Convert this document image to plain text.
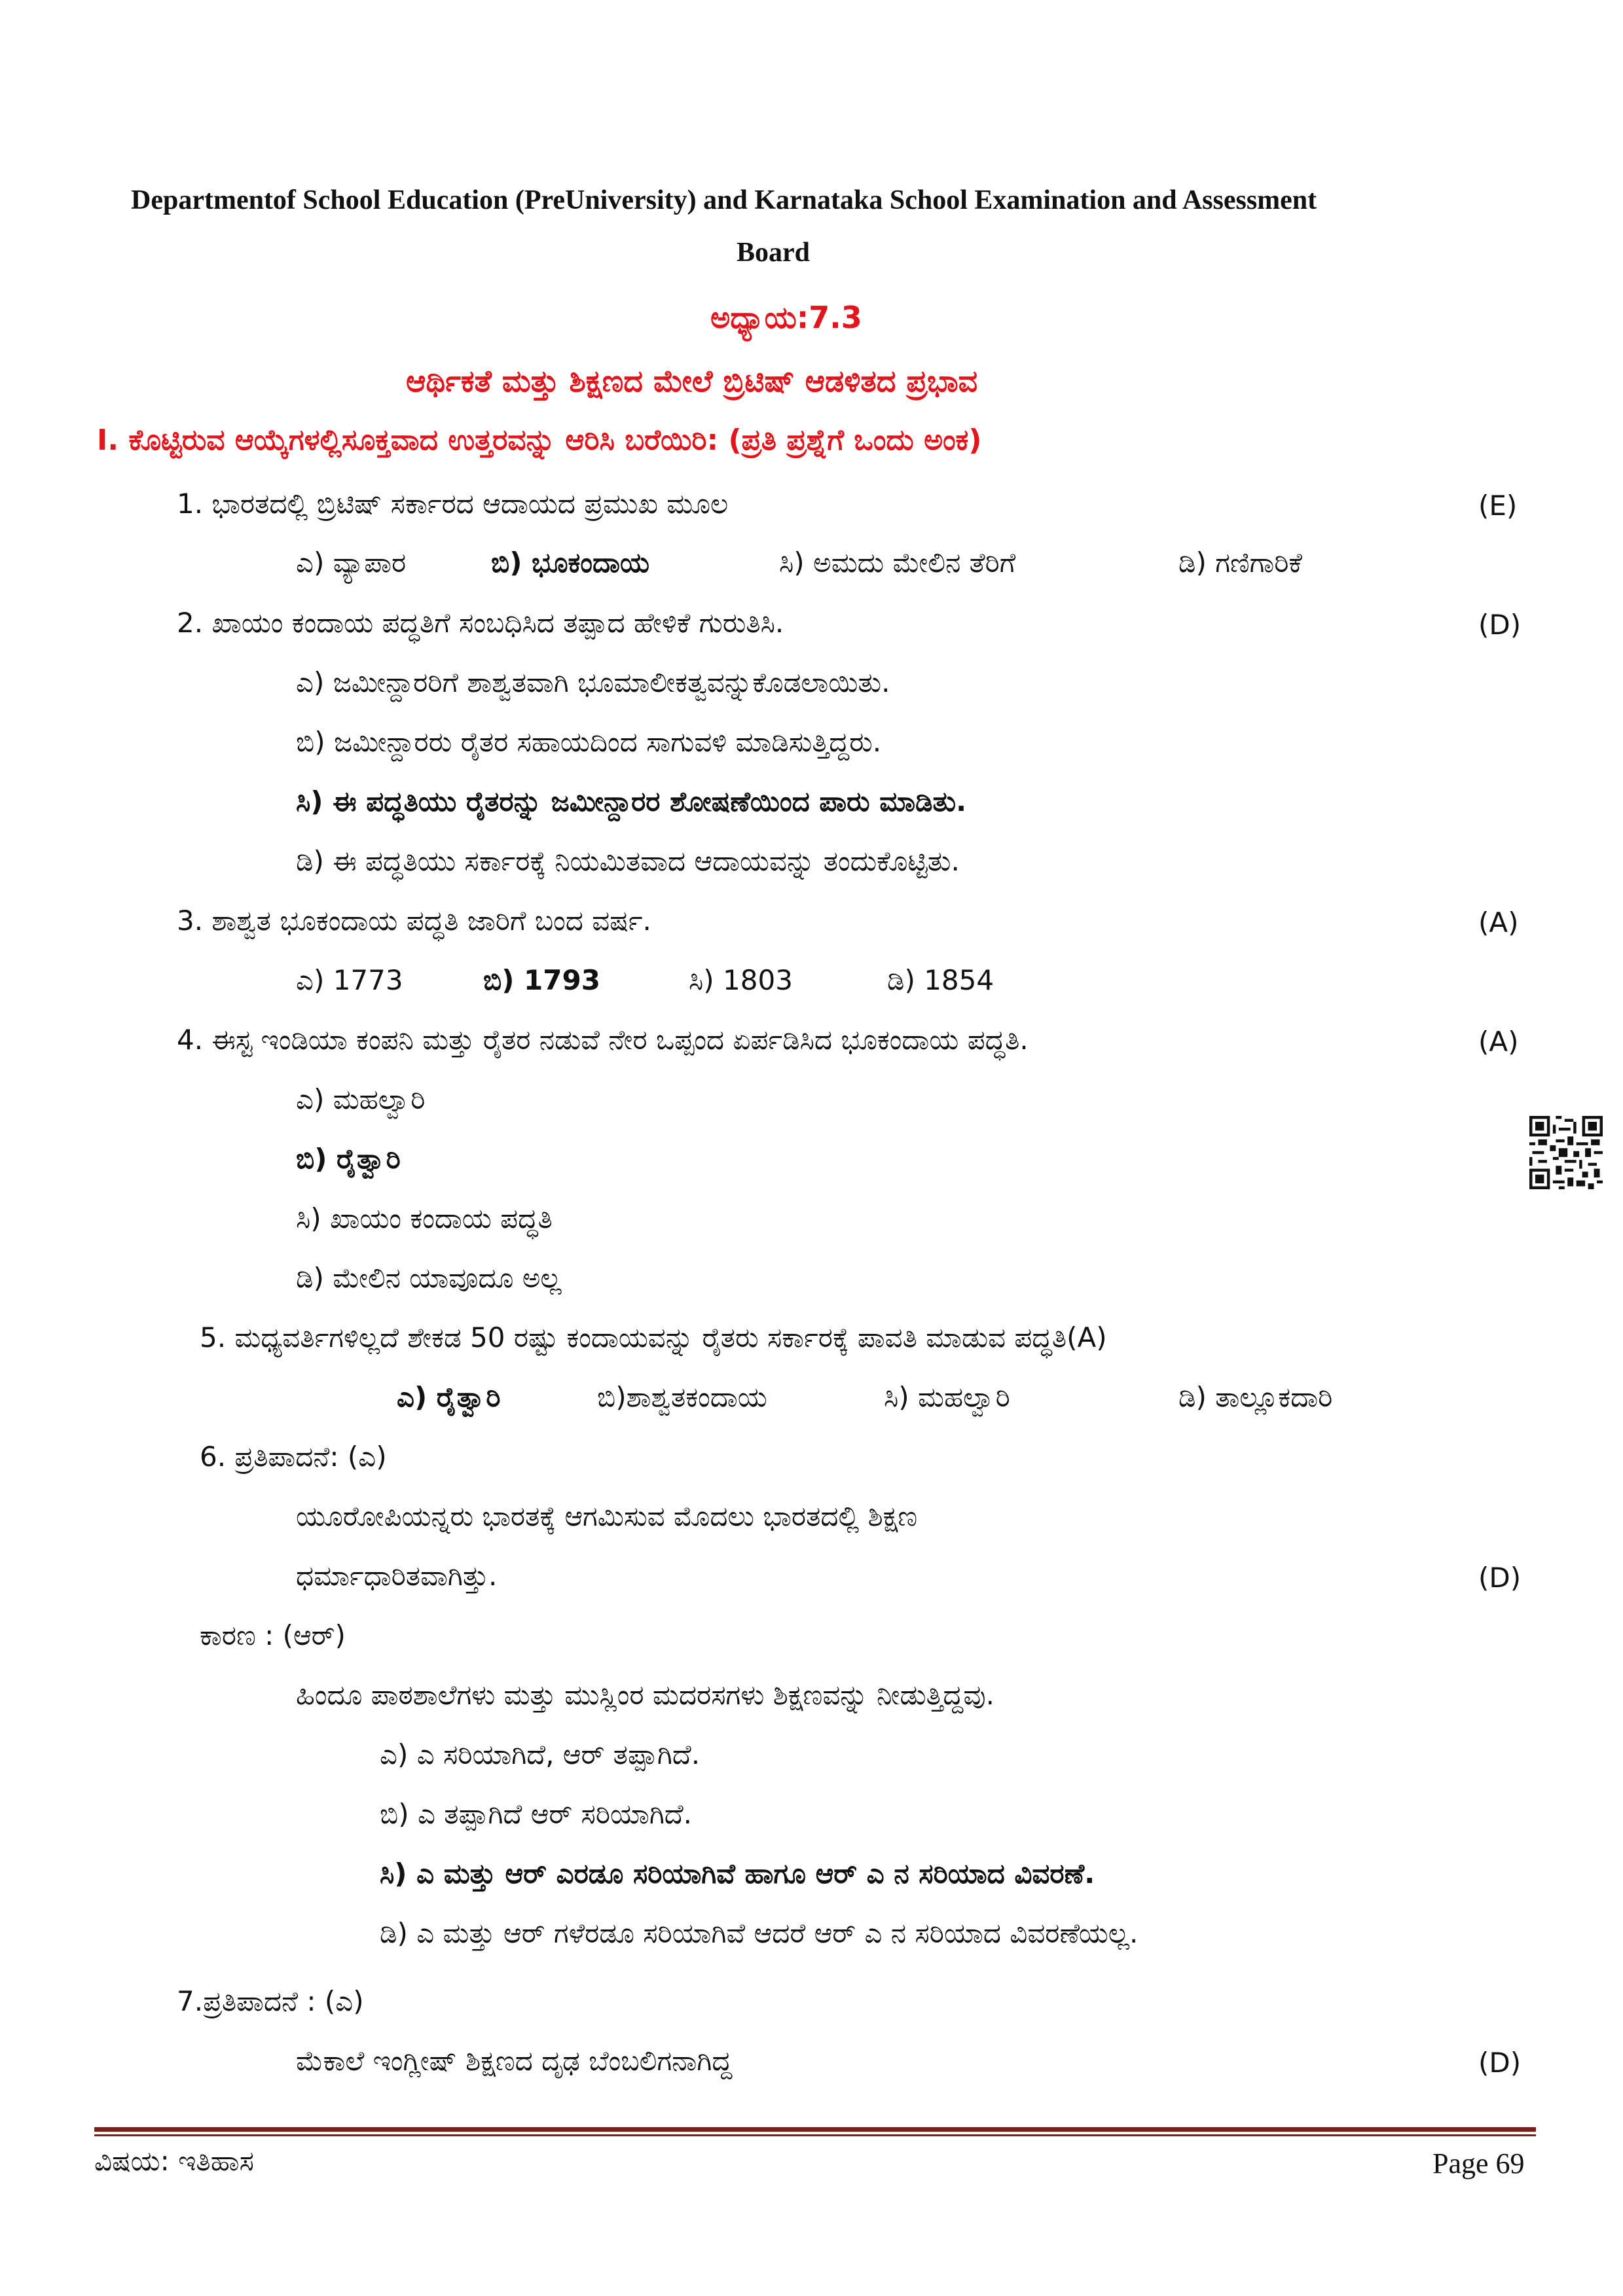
Departmentof School Education (PreUniversity) and Karnataka School Examination and Assessment
Board
ಅಧ್ಯಾಯ:7.3
ಆರ್ಥಿಕತೆ ಮತ್ತು ಶಿಕ್ಷಣದ ಮೇಲೆ ಬ್ರಿಟಿಷ್ ಆಡಳಿತದ ಪ್ರಭಾವ
I. ಕೊಟ್ಟಿರುವ ಆಯ್ಕೆಗಳಲ್ಲಿಸೂಕ್ತವಾದ ಉತ್ತರವನ್ನು ಆರಿಸಿ ಬರೆಯಿರಿ: (ಪ್ರತಿ ಪ್ರಶ್ನೆಗೆ ಒಂದು ಅಂಕ)
1. ಭಾರತದಲ್ಲಿ ಬ್ರಿಟಿಷ್ ಸರ್ಕಾರದ ಆದಾಯದ ಪ್ರಮುಖ ಮೂಲ	(E)
ಎ) ವ್ಯಾಪಾರ	ಬಿ) ಭೂಕಂದಾಯ	ಸಿ) ಅಮದು ಮೇಲಿನ ತೆರಿಗೆ	ಡಿ) ಗಣಿಗಾರಿಕೆ
2. ಖಾಯಂ ಕಂದಾಯ ಪದ್ಧತಿಗೆ ಸಂಬಧಿಸಿದ ತಪ್ಪಾದ ಹೇಳಿಕೆ ಗುರುತಿಸಿ.	(D)
ಎ) ಜಮೀನ್ದಾರರಿಗೆ ಶಾಶ್ವತವಾಗಿ ಭೂಮಾಲೀಕತ್ವವನ್ನುಕೊಡಲಾಯಿತು.
ಬಿ) ಜಮೀನ್ದಾರರು ರೈತರ ಸಹಾಯದಿಂದ ಸಾಗುವಳಿ ಮಾಡಿಸುತ್ತಿದ್ದರು.
ಸಿ) ಈ ಪದ್ಧತಿಯು ರೈತರನ್ನು ಜಮೀನ್ದಾರರ ಶೋಷಣೆಯಿಂದ ಪಾರು ಮಾಡಿತು.
ಡಿ) ಈ ಪದ್ಧತಿಯು ಸರ್ಕಾರಕ್ಕೆ ನಿಯಮಿತವಾದ ಆದಾಯವನ್ನು ತಂದುಕೊಟ್ಟಿತು.
3. ಶಾಶ್ವತ ಭೂಕಂದಾಯ ಪದ್ಧತಿ ಜಾರಿಗೆ ಬಂದ ವರ್ಷ.	(A)
ಎ) 1773	ಬಿ) 1793	ಸಿ) 1803	ಡಿ) 1854
4. ಈಸ್ಟ ಇಂಡಿಯಾ ಕಂಪನಿ ಮತ್ತು ರೈತರ ನಡುವೆ ನೇರ ಒಪ್ಪಂದ ಏರ್ಪಡಿಸಿದ ಭೂಕಂದಾಯ ಪದ್ಧತಿ.	(A)
ಎ) ಮಹಲ್ವಾರಿ
ಬಿ) ರೈತ್ವಾರಿ
ಸಿ) ಖಾಯಂ ಕಂದಾಯ ಪದ್ಧತಿ
ಡಿ) ಮೇಲಿನ ಯಾವೂದೂ ಅಲ್ಲ
5. ಮಧ್ಯವರ್ತಿಗಳಿಲ್ಲದೆ ಶೇಕಡ 50 ರಷ್ಟು ಕಂದಾಯವನ್ನು ರೈತರು ಸರ್ಕಾರಕ್ಕೆ ಪಾವತಿ ಮಾಡುವ ಪದ್ಧತಿ(A)
ಎ) ರೈತ್ವಾರಿ	ಬಿ)ಶಾಶ್ವತಕಂದಾಯ	ಸಿ) ಮಹಲ್ವಾರಿ	ಡಿ) ತಾಲ್ಲೂಕದಾರಿ
6. ಪ್ರತಿಪಾದನೆ: (ಎ)
ಯೂರೋಪಿಯನ್ನರು ಭಾರತಕ್ಕೆ ಆಗಮಿಸುವ ಮೊದಲು ಭಾರತದಲ್ಲಿ ಶಿಕ್ಷಣ
ಧರ್ಮಾಧಾರಿತವಾಗಿತ್ತು.	(D)
ಕಾರಣ : (ಆರ್)
ಹಿಂದೂ ಪಾಠಶಾಲೆಗಳು ಮತ್ತು ಮುಸ್ಲಿಂರ ಮದರಸಗಳು ಶಿಕ್ಷಣವನ್ನು ನೀಡುತ್ತಿದ್ದವು.
ಎ) ಎ ಸರಿಯಾಗಿದೆ, ಆರ್ ತಪ್ಪಾಗಿದೆ.
ಬಿ) ಎ ತಪ್ಪಾಗಿದೆ ಆರ್ ಸರಿಯಾಗಿದೆ.
ಸಿ) ಎ ಮತ್ತು ಆರ್ ಎರಡೂ ಸರಿಯಾಗಿವೆ ಹಾಗೂ ಆರ್ ಎ ನ ಸರಿಯಾದ ವಿವರಣೆ.
ಡಿ) ಎ ಮತ್ತು ಆರ್ ಗಳೆರಡೂ ಸರಿಯಾಗಿವೆ ಆದರೆ ಆರ್ ಎ ನ ಸರಿಯಾದ ವಿವರಣೆಯಲ್ಲ.
7.ಪ್ರತಿಪಾದನೆ : (ಎ)
ಮೆಕಾಲೆ ಇಂಗ್ಲೀಷ್ ಶಿಕ್ಷಣದ ದೃಢ ಬೆಂಬಲಿಗನಾಗಿದ್ದ	(D)
ವಿಷಯ: ಇತಿಹಾಸ	Page 69
